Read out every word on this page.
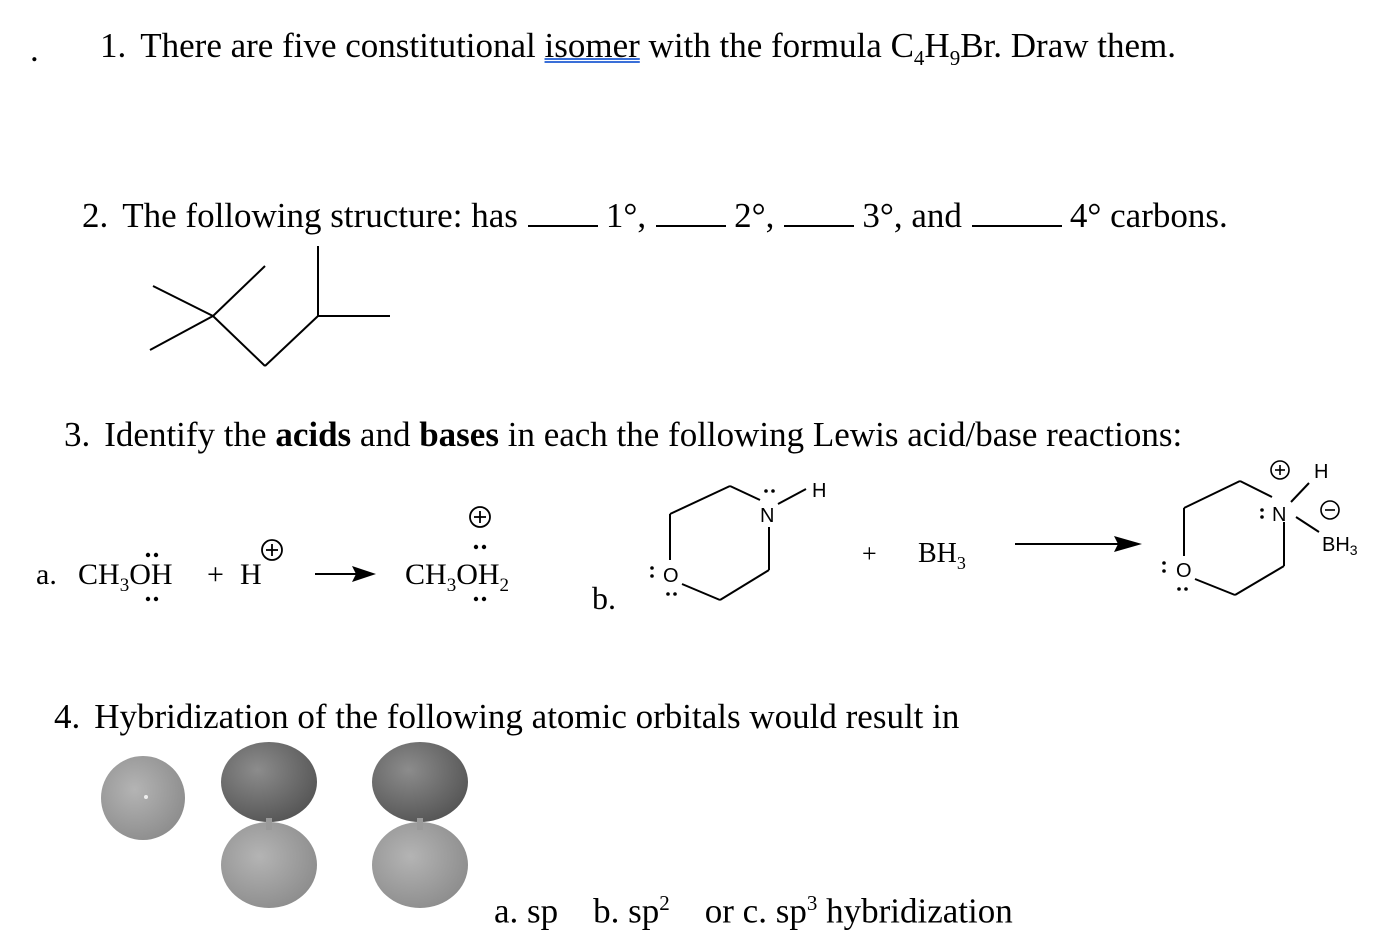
. 1. There are five constitutional isomer with the formula $C_4H_9Br$. Draw them.
2. The following structure: has	1°,	2°,	3°, and	4° carbons.
3. Identify the acids and bases in each the following Lewis acid/base reactions:
4. Hybridization of the following atomic orbitals would result in
a. sp b. $sp^2$ or c. $sp^3$ hybridization
a. $CH_3OH + H$	$CH_3OH_2$	b.
N
H
O
+ $BH_3$
N
H
$BH_3$
O
